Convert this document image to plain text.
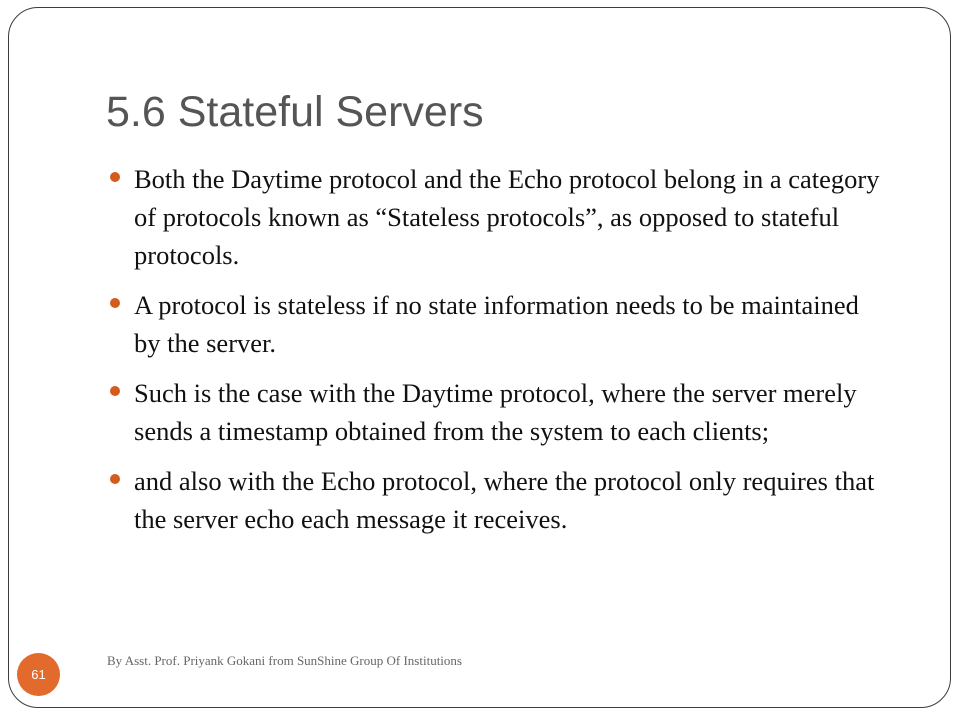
5.6 Stateful Servers
Both the Daytime protocol and the Echo protocol belong in a category of protocols known as “Stateless protocols”, as opposed to stateful protocols.
A protocol is stateless if no state information needs to be maintained by the server.
Such is the case with the Daytime protocol, where the server merely sends a timestamp obtained from the system to each clients;
and also with the Echo protocol, where the protocol only requires that the server echo each message it receives.
61
By Asst. Prof. Priyank Gokani from SunShine Group Of Institutions
